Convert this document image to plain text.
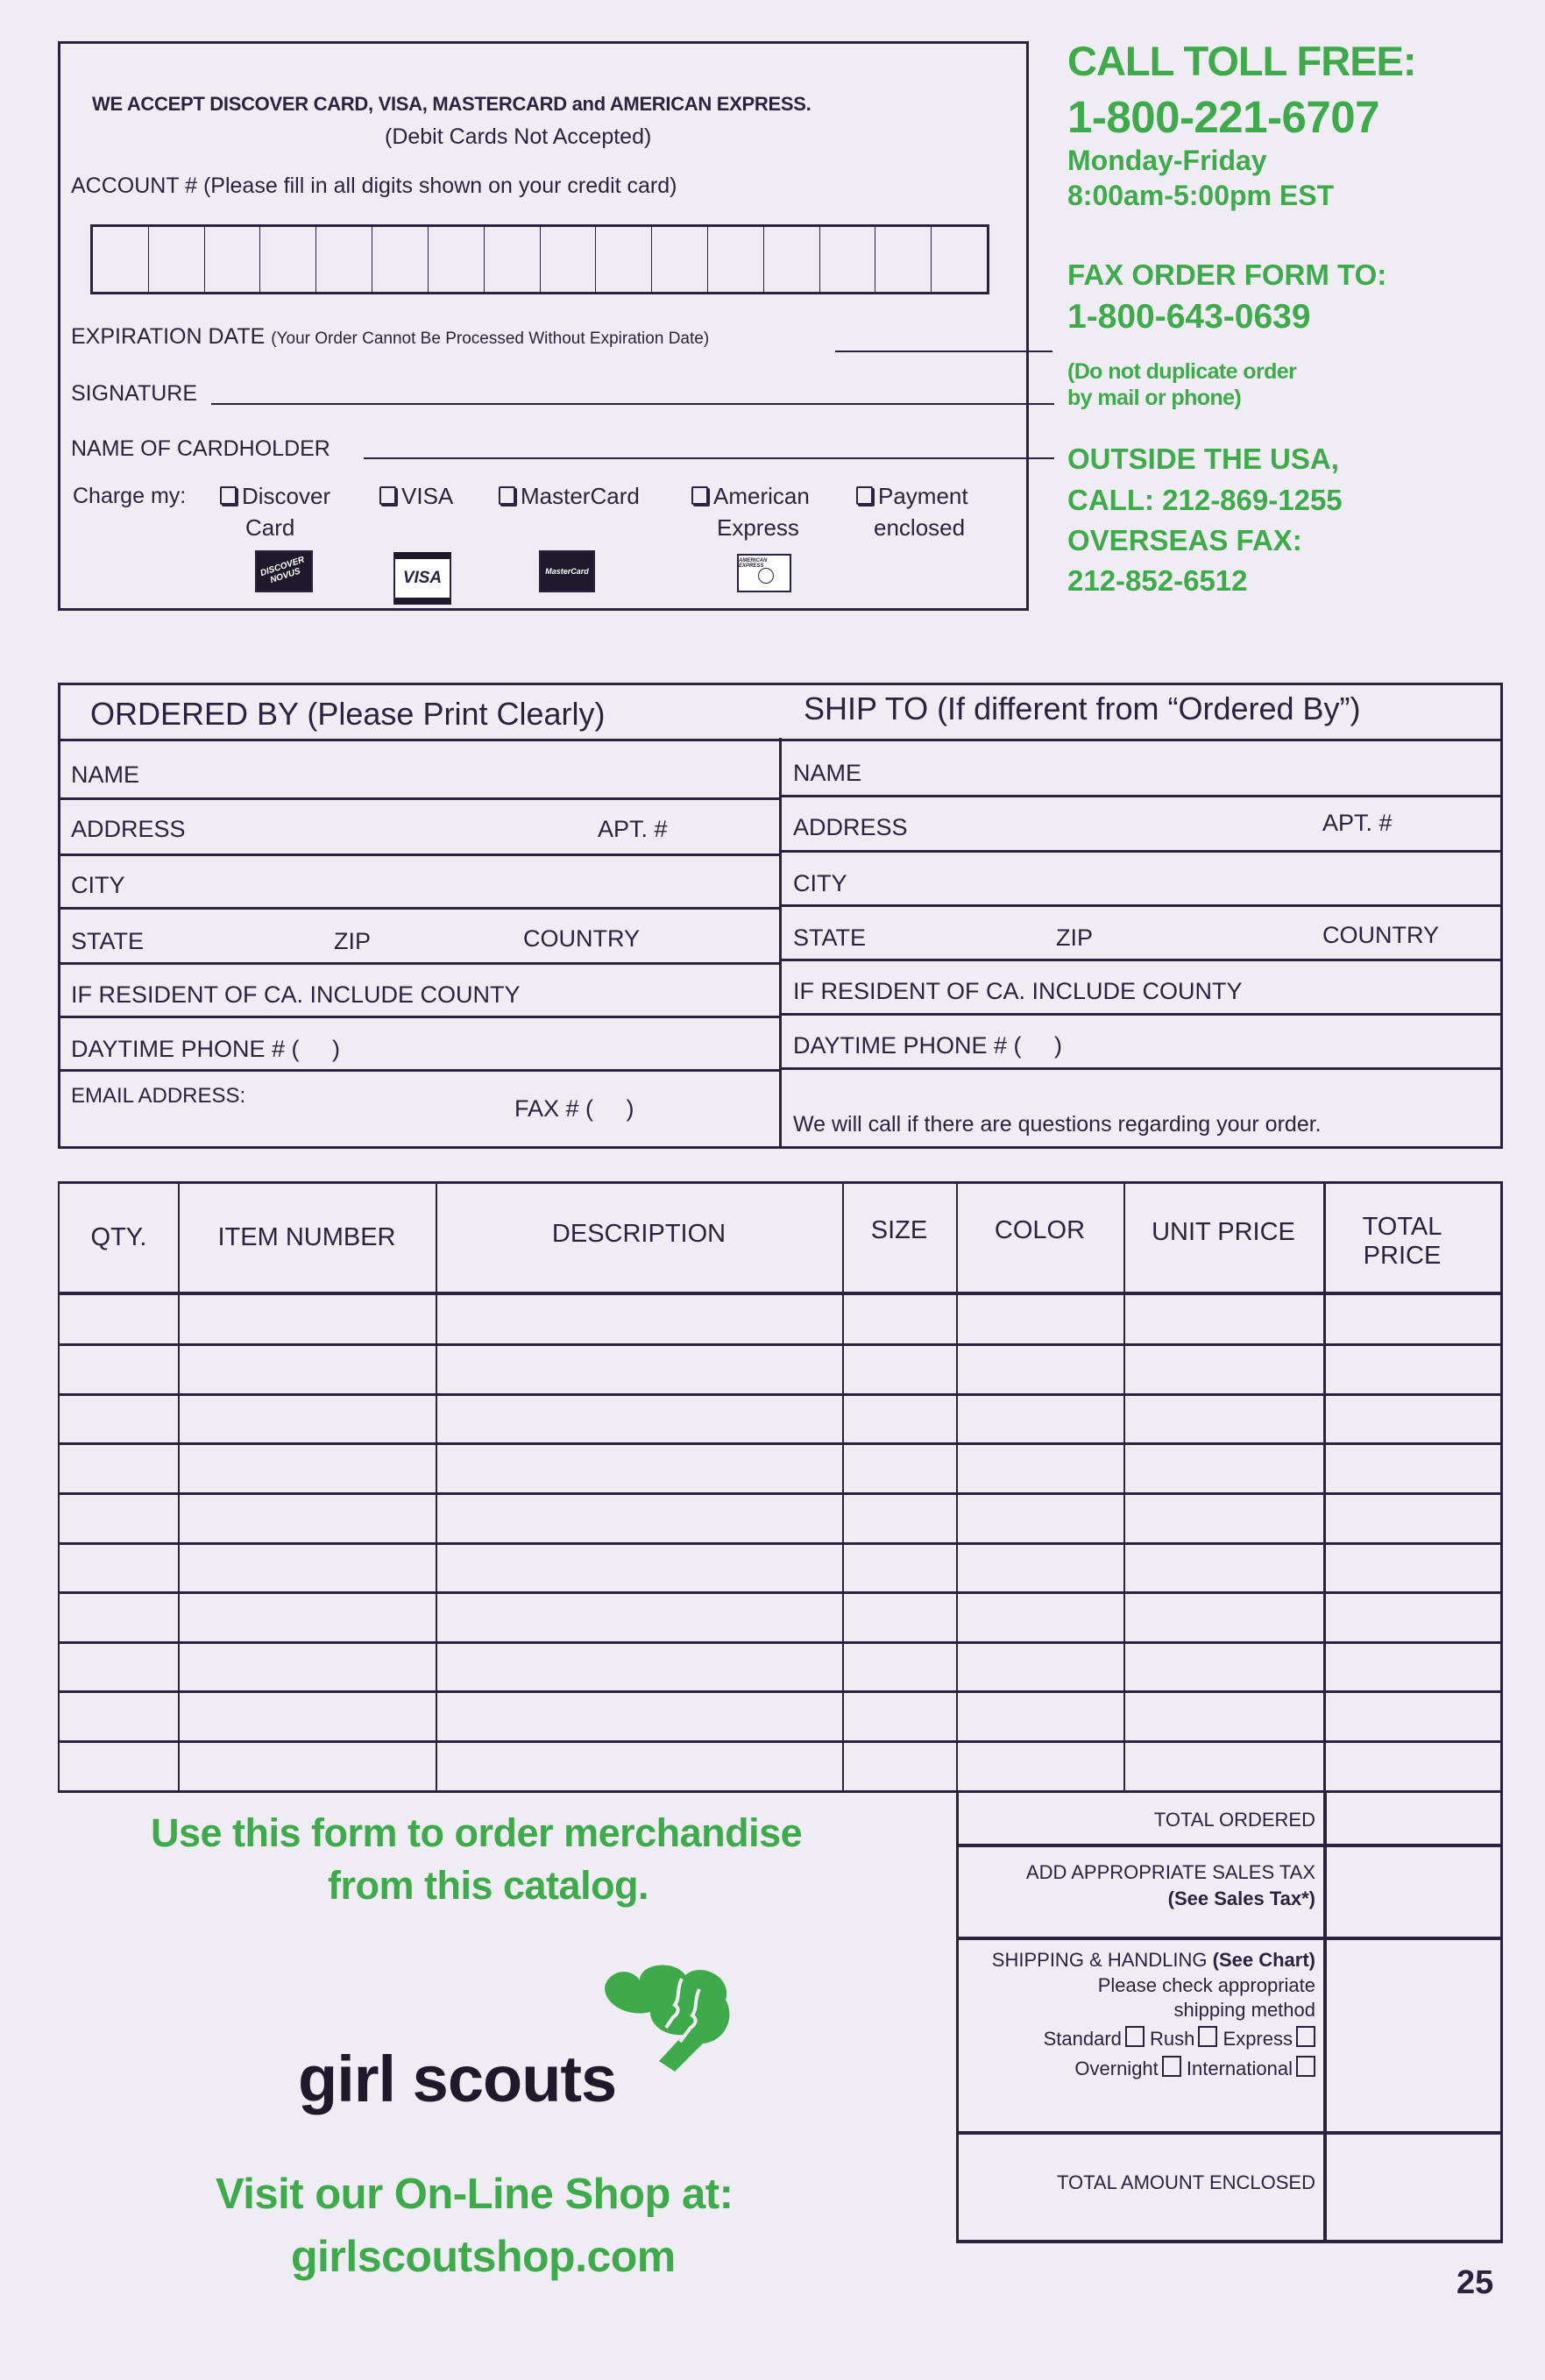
WE ACCEPT DISCOVER CARD, VISA, MASTERCARD and AMERICAN EXPRESS.
(Debit Cards Not Accepted)
ACCOUNT # (Please fill in all digits shown on your credit card)
EXPIRATION DATE (Your Order Cannot Be Processed Without Expiration Date)
SIGNATURE
NAME OF CARDHOLDER
Charge my:	Discover
Card
VISA	MasterCard	American
Express
Payment
enclosed
DISCOVER NOVUS	VISA	MasterCard
AMERICAN EXPRESS
CALL TOLL FREE:
1-800-221-6707
Monday-Friday
8:00am-5:00pm EST
FAX ORDER FORM TO:
1-800-643-0639
(Do not duplicate order
by mail or phone)
OUTSIDE THE USA,
CALL: 212-869-1255
OVERSEAS FAX:
212-852-6512
ORDERED BY (Please Print Clearly)	SHIP TO (If different from “Ordered By”)
NAME
ADDRESS	APT. #
CITY
STATE	ZIP	COUNTRY
IF RESIDENT OF CA. INCLUDE COUNTY
DAYTIME PHONE # (     )
EMAIL ADDRESS:	FAX # (     )
NAME
ADDRESS	APT. #
CITY
STATE	ZIP	COUNTRY
IF RESIDENT OF CA. INCLUDE COUNTY
DAYTIME PHONE # (     )
We will call if there are questions regarding your order.
QTY.	ITEM NUMBER	DESCRIPTION	SIZE	COLOR	UNIT PRICE	TOTAL PRICE
TOTAL ORDERED
ADD APPROPRIATE SALES TAX
(See Sales Tax*)
SHIPPING & HANDLING (See Chart)
Please check appropriate
shipping method
Standard Rush Express
Overnight International
TOTAL AMOUNT ENCLOSED
Use this form to order merchandise
from this catalog.
girl scouts
Visit our On-Line Shop at:
girlscoutshop.com
25
